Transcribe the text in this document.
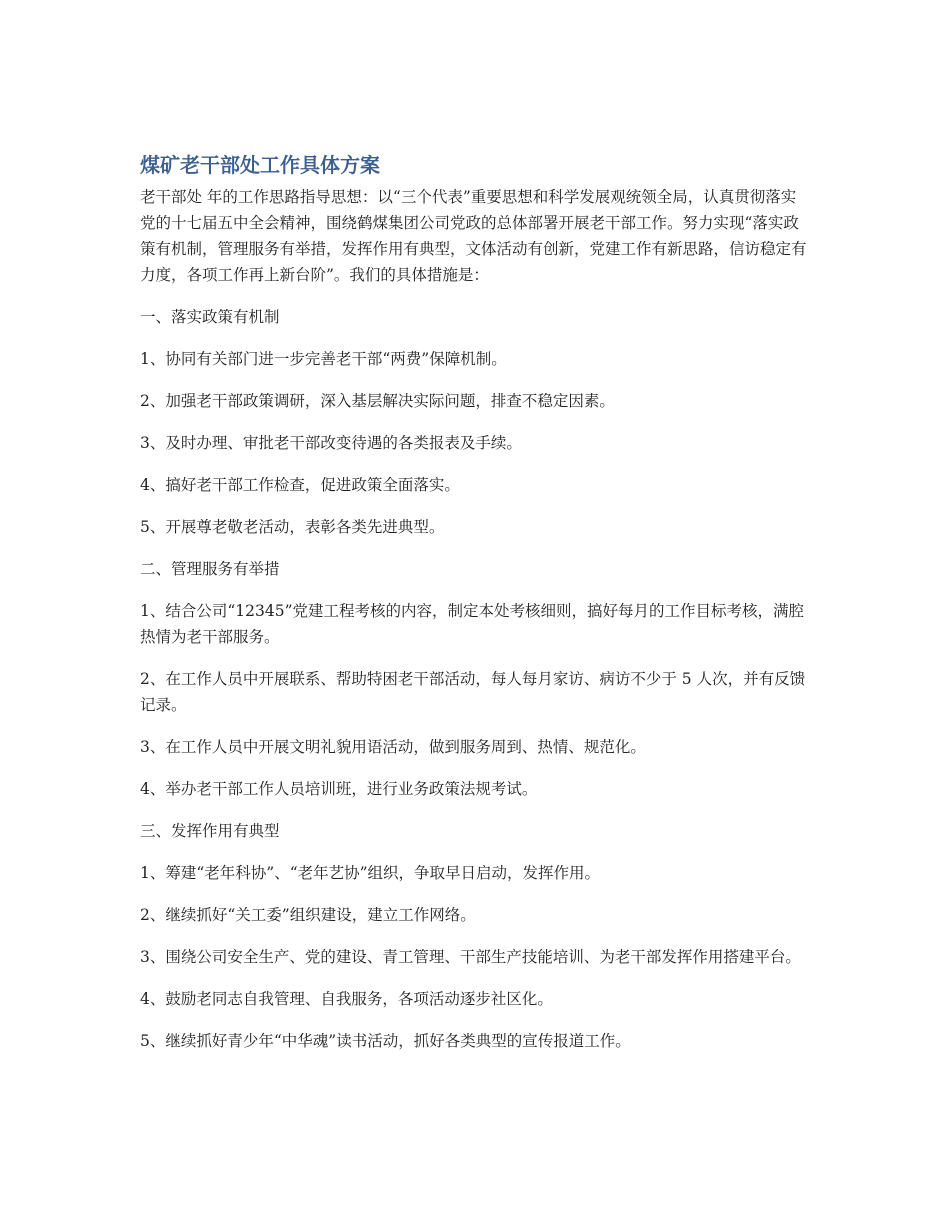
煤矿老干部处工作具体方案

老干部处 年的工作思路指导思想：以“三个代表”重要思想和科学发展观统领全局，认真贯彻落实党的十七届五中全会精神，围绕鹤煤集团公司党政的总体部署开展老干部工作。努力实现“落实政策有机制，管理服务有举措，发挥作用有典型，文体活动有创新，党建工作有新思路，信访稳定有力度，各项工作再上新台阶”。我们的具体措施是：

一、落实政策有机制

1、协同有关部门进一步完善老干部“两费”保障机制。

2、加强老干部政策调研，深入基层解决实际问题，排查不稳定因素。

3、及时办理、审批老干部改变待遇的各类报表及手续。

4、搞好老干部工作检查，促进政策全面落实。

5、开展尊老敬老活动，表彰各类先进典型。

二、管理服务有举措

1、结合公司“12345”党建工程考核的内容，制定本处考核细则，搞好每月的工作目标考核，满腔热情为老干部服务。

2、在工作人员中开展联系、帮助特困老干部活动，每人每月家访、病访不少于 5 人次，并有反馈记录。

3、在工作人员中开展文明礼貌用语活动，做到服务周到、热情、规范化。

4、举办老干部工作人员培训班，进行业务政策法规考试。

三、发挥作用有典型

1、筹建“老年科协”、“老年艺协”组织，争取早日启动，发挥作用。

2、继续抓好“关工委”组织建设，建立工作网络。

3、围绕公司安全生产、党的建设、青工管理、干部生产技能培训、为老干部发挥作用搭建平台。

4、鼓励老同志自我管理、自我服务，各项活动逐步社区化。

5、继续抓好青少年“中华魂”读书活动，抓好各类典型的宣传报道工作。
